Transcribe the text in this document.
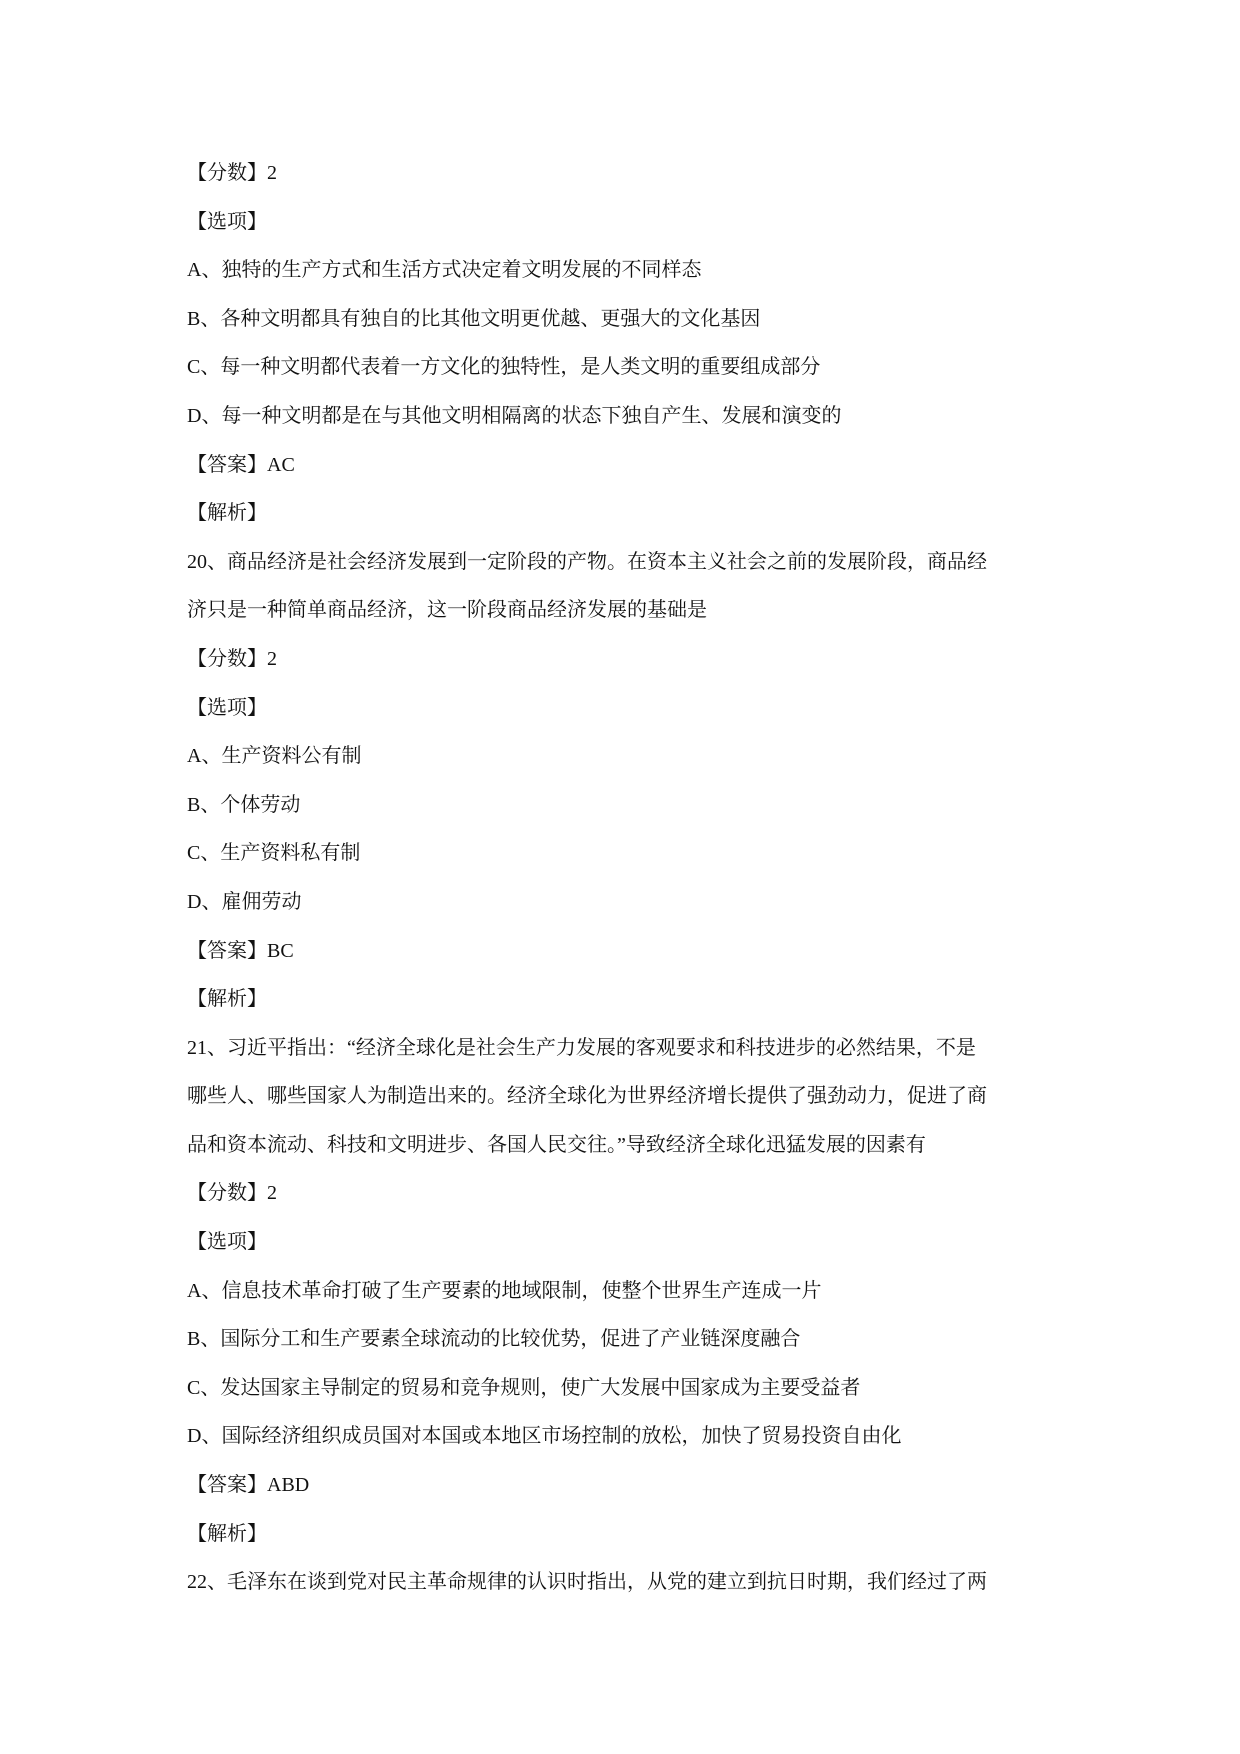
【分数】2
【选项】
A、独特的生产方式和生活方式决定着文明发展的不同样态
B、各种文明都具有独自的比其他文明更优越、更强大的文化基因
C、每一种文明都代表着一方文化的独特性，是人类文明的重要组成部分
D、每一种文明都是在与其他文明相隔离的状态下独自产生、发展和演变的
【答案】AC
【解析】
20、商品经济是社会经济发展到一定阶段的产物。在资本主义社会之前的发展阶段，商品经
济只是一种简单商品经济，这一阶段商品经济发展的基础是
【分数】2
【选项】
A、生产资料公有制
B、个体劳动
C、生产资料私有制
D、雇佣劳动
【答案】BC
【解析】
21、习近平指出：“经济全球化是社会生产力发展的客观要求和科技进步的必然结果，不是
哪些人、哪些国家人为制造出来的。经济全球化为世界经济增长提供了强劲动力，促进了商
品和资本流动、科技和文明进步、各国人民交往。”导致经济全球化迅猛发展的因素有
【分数】2
【选项】
A、信息技术革命打破了生产要素的地域限制，使整个世界生产连成一片
B、国际分工和生产要素全球流动的比较优势，促进了产业链深度融合
C、发达国家主导制定的贸易和竞争规则，使广大发展中国家成为主要受益者
D、国际经济组织成员国对本国或本地区市场控制的放松，加快了贸易投资自由化
【答案】ABD
【解析】
22、毛泽东在谈到党对民主革命规律的认识时指出，从党的建立到抗日时期，我们经过了两
